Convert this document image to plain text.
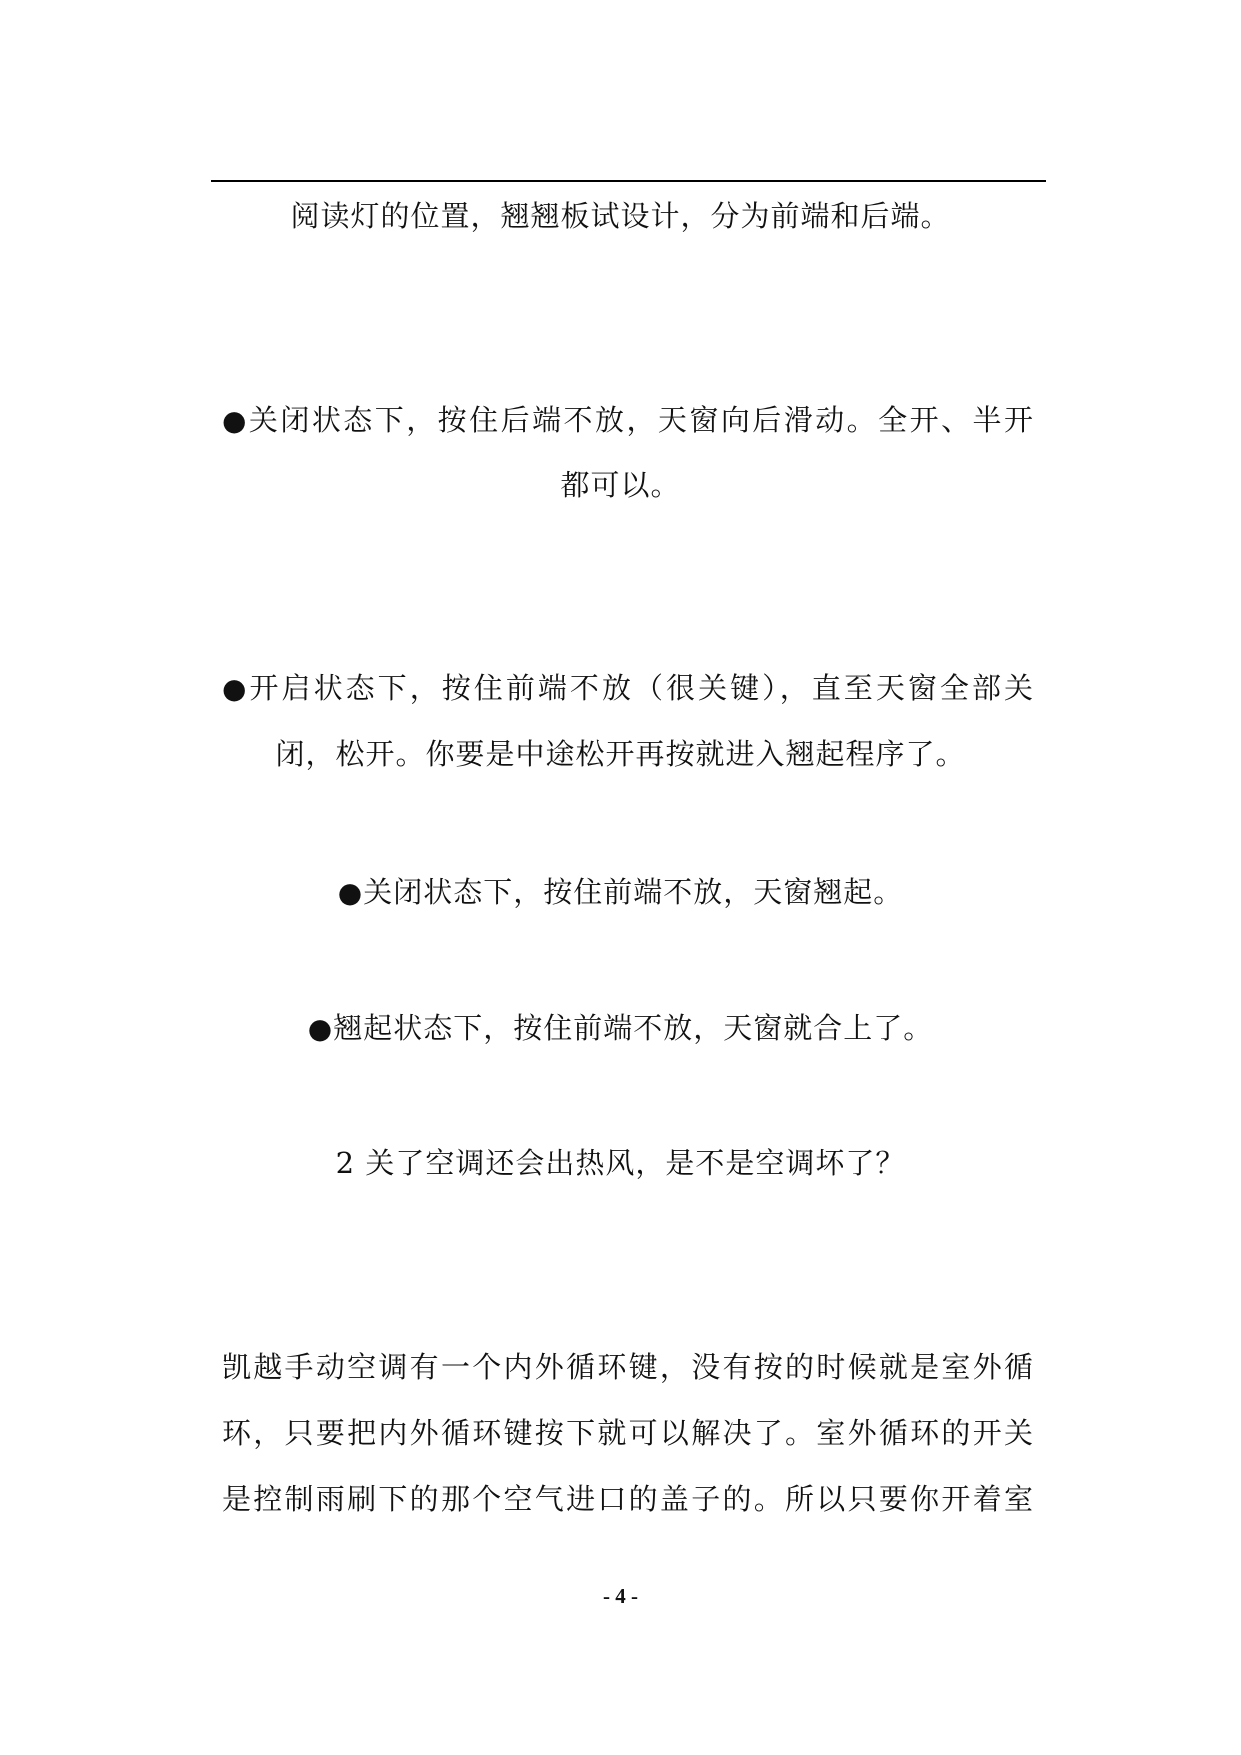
阅读灯的位置，翘翘板试设计，分为前端和后端。
●关闭状态下，按住后端不放，天窗向后滑动。全开、半开
都可以。
●开启状态下，按住前端不放（很关键），直至天窗全部关
闭，松开。你要是中途松开再按就进入翘起程序了。
●关闭状态下，按住前端不放，天窗翘起。
●翘起状态下，按住前端不放，天窗就合上了。
2 关了空调还会出热风，是不是空调坏了？
凯越手动空调有一个内外循环键，没有按的时候就是室外循
环，只要把内外循环键按下就可以解决了。室外循环的开关
是控制雨刷下的那个空气进口的盖子的。所以只要你开着室
- 4 -
